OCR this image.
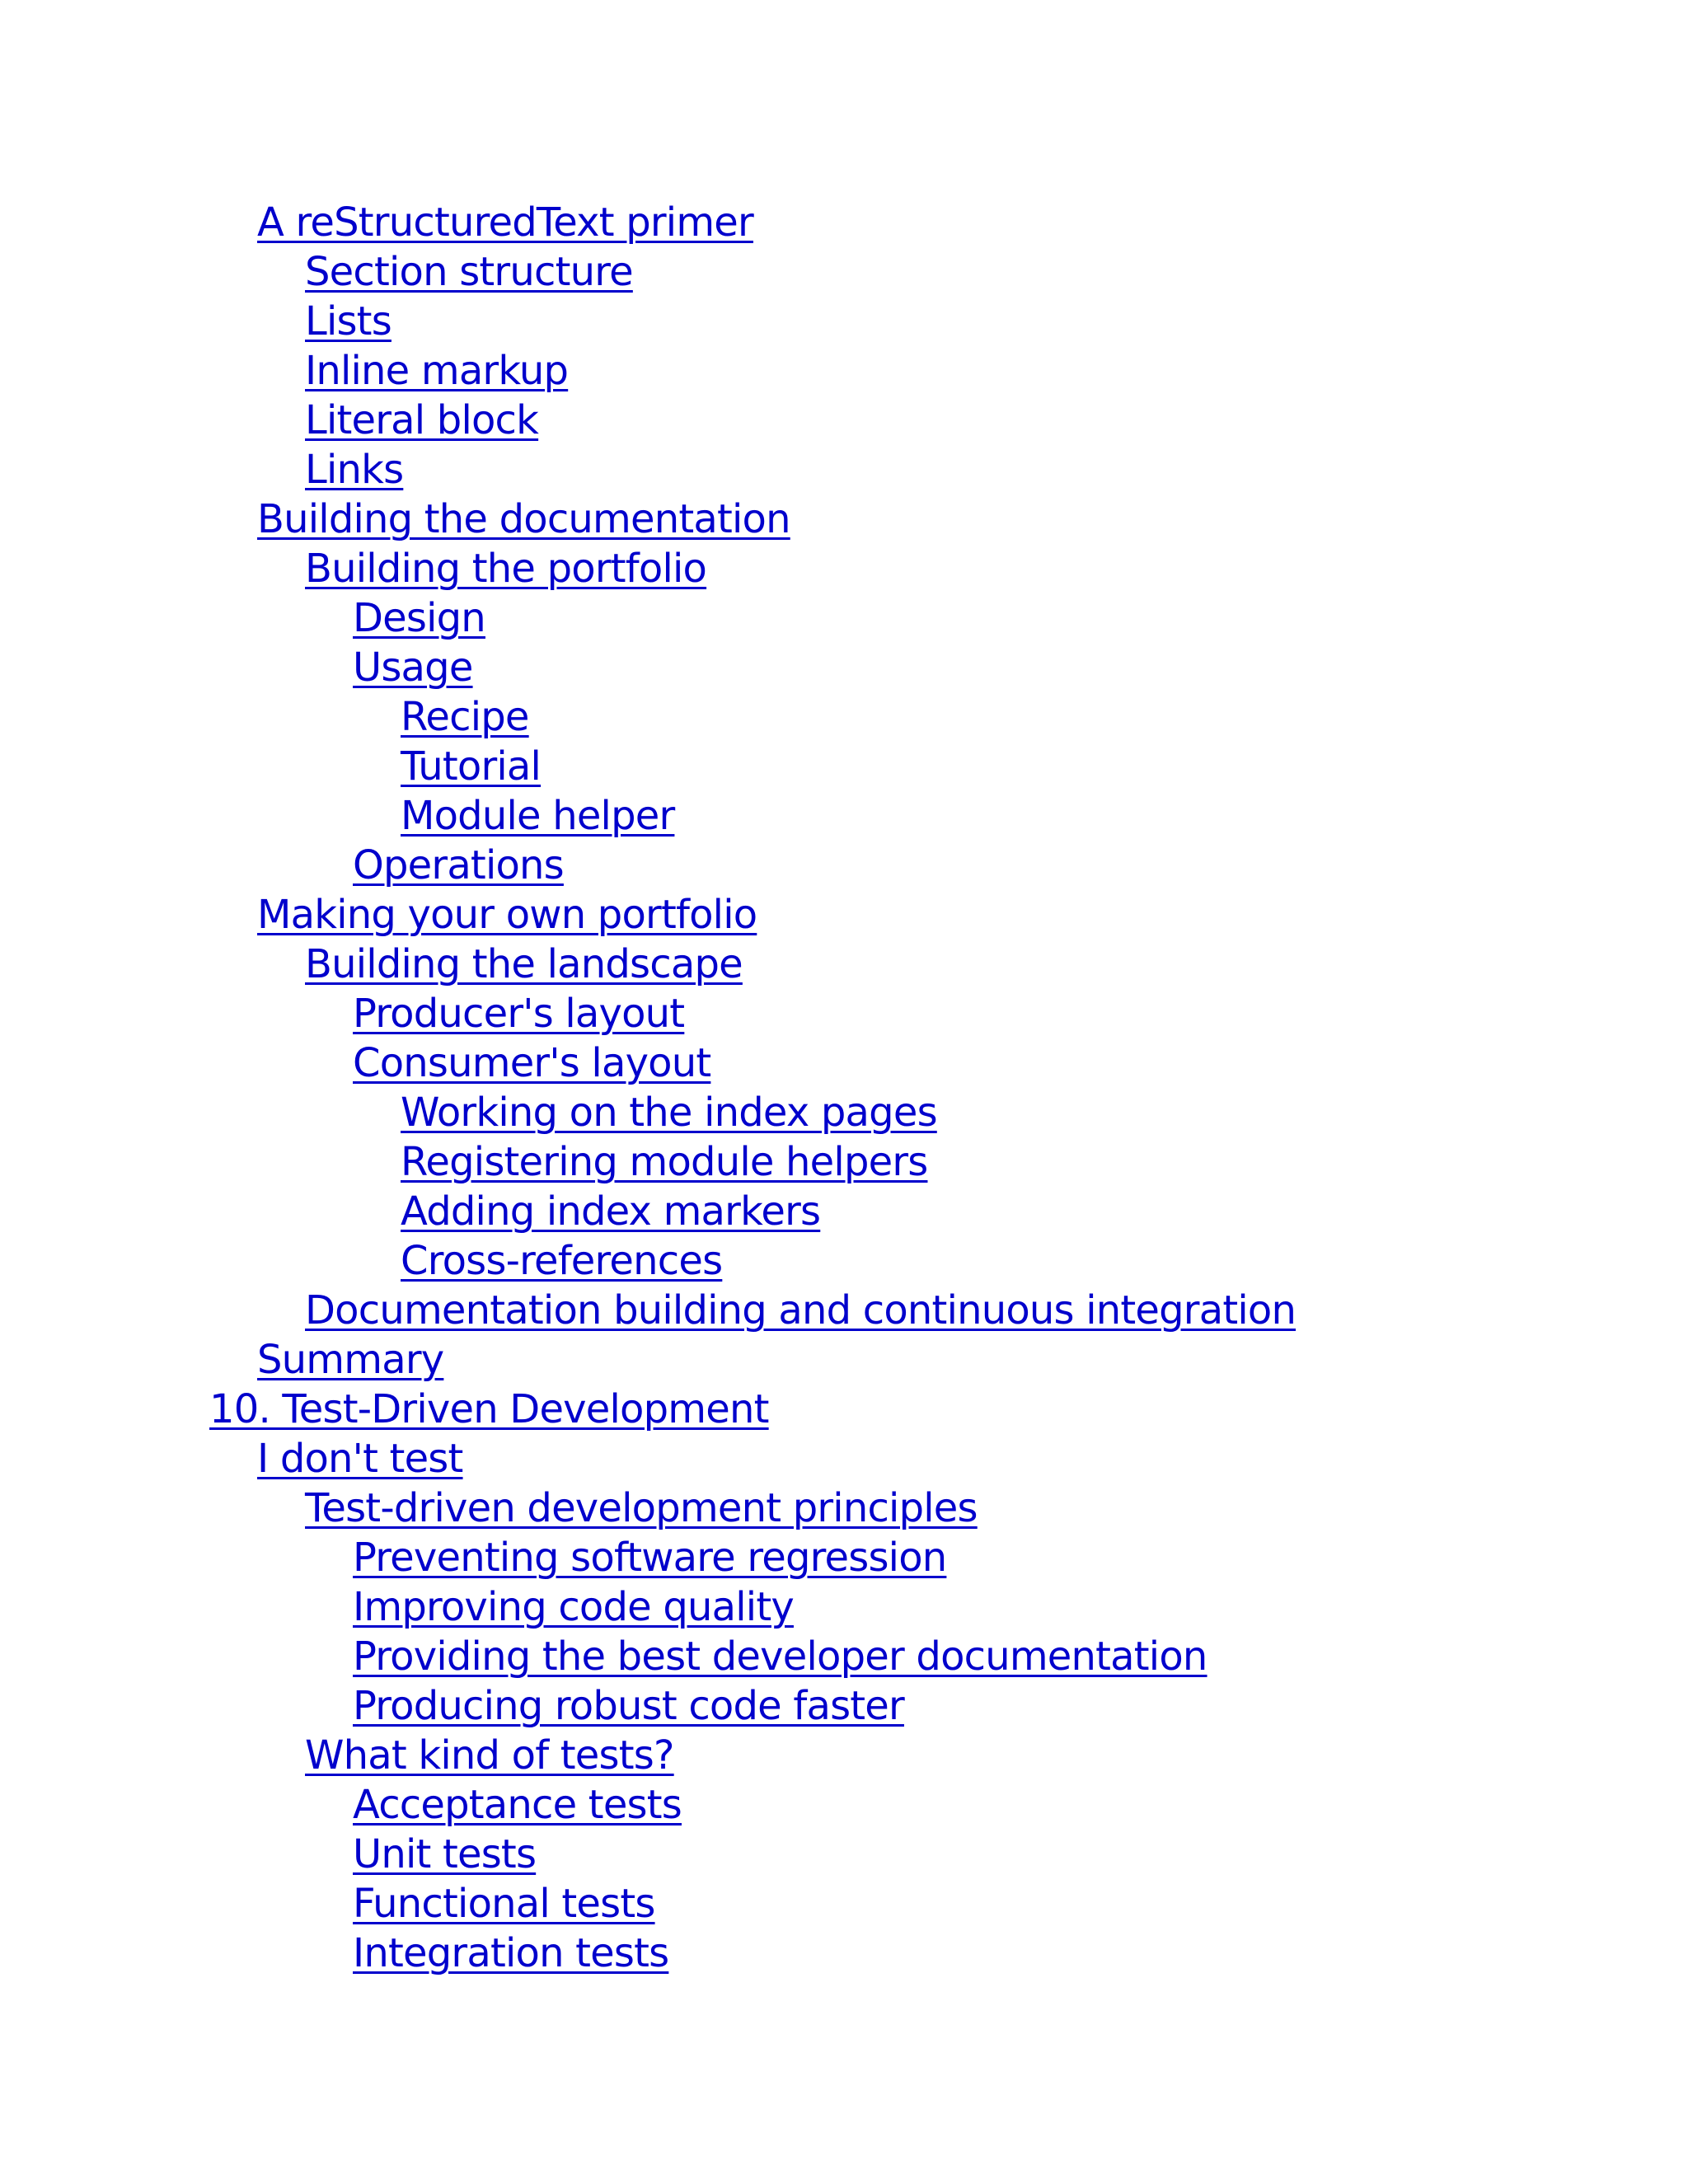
A reStructuredText primer
Section structure
Lists
Inline markup
Literal block
Links
Building the documentation
Building the portfolio
Design
Usage
Recipe
Tutorial
Module helper
Operations
Making your own portfolio
Building the landscape
Producer's layout
Consumer's layout
Working on the index pages
Registering module helpers
Adding index markers
Cross-references
Documentation building and continuous integration
Summary
10. Test-Driven Development
I don't test
Test-driven development principles
Preventing software regression
Improving code quality
Providing the best developer documentation
Producing robust code faster
What kind of tests?
Acceptance tests
Unit tests
Functional tests
Integration tests
